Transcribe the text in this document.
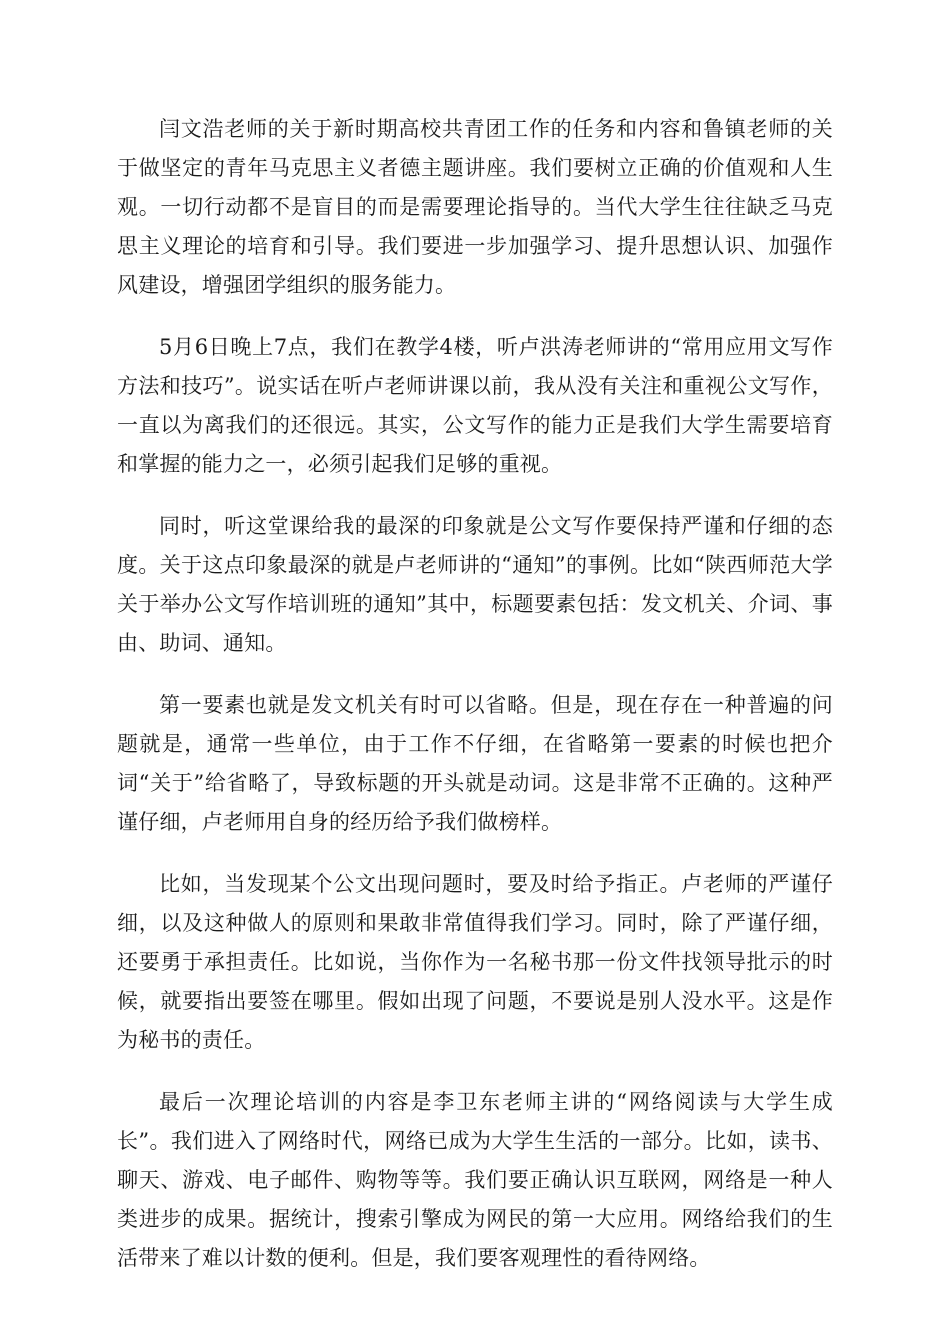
闫文浩老师的关于新时期高校共青团工作的任务和内容和鲁镇老师的关于做坚定的青年马克思主义者德主题讲座。我们要树立正确的价值观和人生观。一切行动都不是盲目的而是需要理论指导的。当代大学生往往缺乏马克思主义理论的培育和引导。我们要进一步加强学习、提升思想认识、加强作风建设，增强团学组织的服务能力。

5月6日晚上7点，我们在教学4楼，听卢洪涛老师讲的“常用应用文写作方法和技巧”。说实话在听卢老师讲课以前，我从没有关注和重视公文写作，一直以为离我们的还很远。其实，公文写作的能力正是我们大学生需要培育和掌握的能力之一，必须引起我们足够的重视。

同时，听这堂课给我的最深的印象就是公文写作要保持严谨和仔细的态度。关于这点印象最深的就是卢老师讲的“通知”的事例。比如“陕西师范大学关于举办公文写作培训班的通知”其中，标题要素包括：发文机关、介词、事由、助词、通知。

第一要素也就是发文机关有时可以省略。但是，现在存在一种普遍的问题就是，通常一些单位，由于工作不仔细，在省略第一要素的时候也把介词“关于”给省略了，导致标题的开头就是动词。这是非常不正确的。这种严谨仔细，卢老师用自身的经历给予我们做榜样。

比如，当发现某个公文出现问题时，要及时给予指正。卢老师的严谨仔细，以及这种做人的原则和果敢非常值得我们学习。同时，除了严谨仔细，还要勇于承担责任。比如说，当你作为一名秘书那一份文件找领导批示的时候，就要指出要签在哪里。假如出现了问题，不要说是别人没水平。这是作为秘书的责任。

最后一次理论培训的内容是李卫东老师主讲的“网络阅读与大学生成长”。我们进入了网络时代，网络已成为大学生生活的一部分。比如，读书、聊天、游戏、电子邮件、购物等等。我们要正确认识互联网，网络是一种人类进步的成果。据统计，搜索引擎成为网民的第一大应用。网络给我们的生活带来了难以计数的便利。但是，我们要客观理性的看待网络。
